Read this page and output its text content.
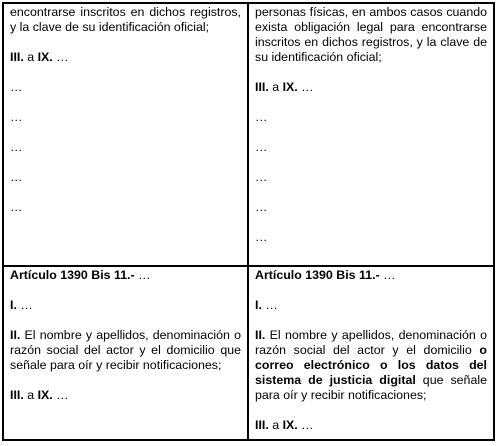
encontrarse inscritos en dichos registros, y la clave de su identificación oficial;

III. a IX. …

…

…

…

…

…

personas físicas, en ambos casos cuando exista obligación legal para encontrarse inscritos en dichos registros, y la clave de su identificación oficial;

III. a IX. …

…

…

…

…

…

Artículo 1390 Bis 11.- …

I. …

II. El nombre y apellidos, denominación o razón social del actor y el domicilio que señale para oír y recibir notificaciones;

III. a IX. …

Artículo 1390 Bis 11.- …

I. …

II. El nombre y apellidos, denominación o razón social del actor y el domicilio o correo electrónico o los datos del sistema de justicia digital que señale para oír y recibir notificaciones;

III. a IX. …
